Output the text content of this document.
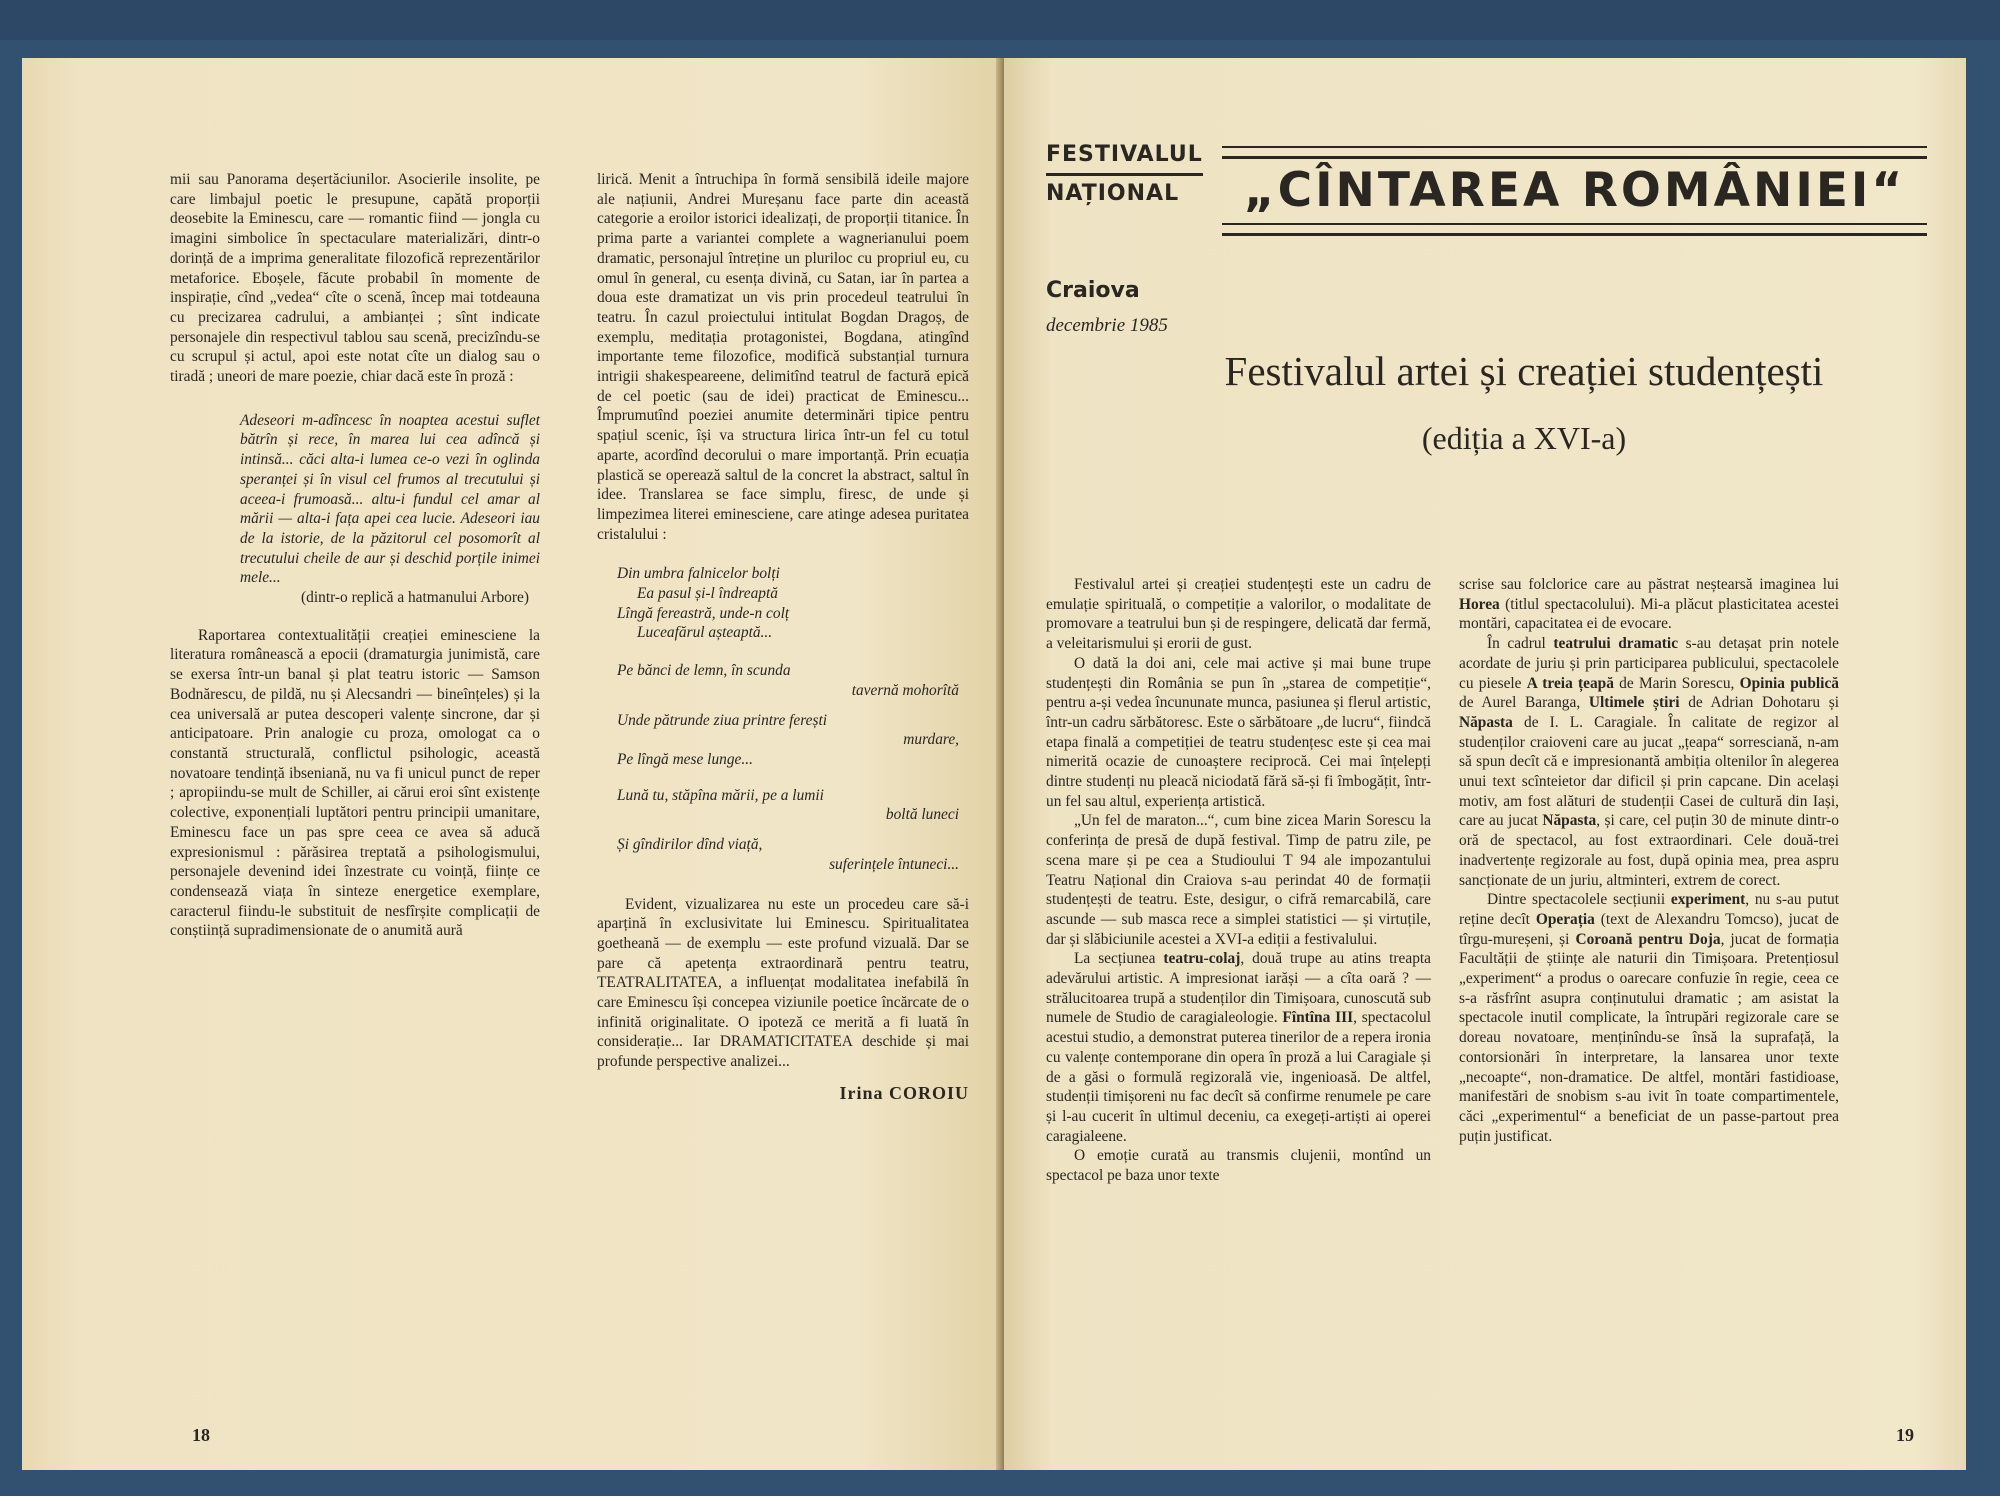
mii sau Panorama deșertăciunilor. Asociеrile insolite, pe care limbajul poetic le presupune, capătă proporții deosebite la Eminescu, care — romantic fiind — jonglа cu imagini simbolice în spectaculare materializări, dintr-o dorință de a imprima generalitate filozofică reprezentărilor metaforice. Eboșele, făcute probabil în momente de inspirație, cînd „vedea“ cîte o scenă, încep mai totdeauna cu precizarea cadrului, a ambianței ; sînt indicate personajele din respectivul tablou sau scenă, precizîndu-se cu scrupul și actul, apoi este notat cîte un dialog sau o tiradă ; uneori de mare poezie, chiar dacă este în proză :

Adeseori m-adîncesc în noaptea acestui suflet bătrîn și rece, în marea lui cea adîncă și intinsă... căci alta-i lumea ce-o vezi în oglinda speranței și în visul cel frumos al trecutului și aceea-i frumoasă... altu-i fundul cel amar al mării — alta-i fața apei cea lucie. Adeseori iau de la istorie, de la păzitorul cel posomorît al trecutului cheile de aur și deschid porțile inimei mele...
(dintr-o replică a hatmanului Arbore)

Raportarea contextualității creației eminesciene la literatura românească a epocii (dramaturgia junimistă, care se exersa într-un banal și plat teatru istoric — Samson Bodnărescu, de pildă, nu și Alecsandri — bineînțeles) și la cea universală ar putea descoperi valențe sincrone, dar și anticipatoare. Prin analogie cu proza, omologat ca o constantă structurală, conflictul psihologic, această novatoare tendință ibseniană, nu va fi unicul punct de reper ; apropiindu-se mult de Schiller, ai cărui eroi sînt existențe colective, exponențiali luptători pentru principii umanitare, Eminescu face un pas spre ceea ce avea să aducă expresionismul : părăsirea treptată a psihologismului, personajele devenind idei înzestrate cu voință, ființe ce condensează viața în sinteze energetice exemplare, caracterul fiindu-le substituit de nesfîrșite complicații de conștiință supradimensionate de o anumită aură

lirică. Menit a întruchipa în formă sensibilă ideile majore ale națiunii, Andrei Mureșanu face parte din această categorie a eroilor istorici idealizați, de proporții titanice. În prima parte a variantei complete a wagnerianului poem dramatic, personajul întreține un pluriloc cu propriul eu, cu omul în general, cu esența divină, cu Satan, iar în partea a doua este dramatizat un vis prin procedeul teatrului în teatru. În cazul proiectului intitulat Bogdan Dragoș, de exemplu, meditația protagonistei, Bogdana, atingînd importante teme filozofice, modifică substanțial turnura intrigii shakespeareene, delimitînd teatrul de factură epică de cel poetic (sau de idei) practicat de Eminescu... Împrumutînd poeziei anumite determinări tipice pentru spațiul scenic, își va structura lirica într-un fel cu totul aparte, acordînd decorului o mare importanță. Prin ecuația plastică se operează saltul de la concret la abstract, saltul în idee. Translarea se face simplu, firesc, de unde și limpezimea literei eminesciene, care atinge adesea puritatea cristalului :

Din umbra falnicelor bolți
Ea pasul și-l îndreaptă
Lîngă fereastră, unde-n colț
Luceafărul așteaptă...
Pe bănci de lemn, în scunda
tavernă mohorîtă
Unde pătrunde ziua printre ferești
murdare,
Pe lîngă mese lunge...
Lună tu, stăpîna mării, pe a lumii
boltă luneci
Și gîndirilor dînd viață,
suferințele întuneci...

Evident, vizualizarea nu este un procedeu care să-i aparțină în exclusivitate lui Eminescu. Spiritualitatea goetheană — de exemplu — este profund vizuală. Dar se pare că apetența extraordinară pentru teatru, TEATRALITATEA, a influențat modalitatea inefabilă în care Eminescu își concepea viziunile poetice încărcate de o infinită originalitate. O ipoteză ce merită a fi luată în considerație... Iar DRAMATICITATEA deschide și mai profunde perspective analizei...

Irina COROIU
18
FESTIVALUL
NAȚIONAL	„CÎNTAREA ROMÂNIEI“
Craiova
decembrie 1985
Festivalul artei și creației studențești
(ediția a XVI-a)

Festivalul artei și creației studențești este un cadru de emulație spirituală, o competiție a valorilor, o modalitate de promovare a teatrului bun și de respingere, delicată dar fermă, a veleitarismului și erorii de gust.

O dată la doi ani, cele mai active și mai bune trupe studențești din România se pun în „starea de competiție“, pentru a-și vedea încununate munca, pasiunea și flerul artistic, într-un cadru sărbătoresc. Este o sărbătoare „de lucru“, fiindcă etapa finală a competiției de teatru studențesc este și cea mai nimerită ocazie de cunoaștere reciprocă. Cei mai înțelepți dintre studenți nu pleacă niciodată fără să-și fi îmbogățit, într-un fel sau altul, experiența artistică.

„Un fel de maraton...“, cum bine zicea Marin Sorescu la conferința de presă de după festival. Timp de patru zile, pe scena mare și pe cea a Studioului T 94 ale impozantului Teatru Național din Craiova s-au perindat 40 de formații studențești de teatru. Este, desigur, o cifră remarcabilă, care ascunde — sub masca rece a simplei statistici — și virtuțile, dar și slăbiciunile acestei a XVI-a ediții a festivalului.

La secțiunea teatru-colaj, două trupe au atins treapta adevărului artistic. A impresionat iarăși — a cîta oară ? — strălucitoarea trupă a studenților din Timișoara, cunoscută sub numele de Studio de caragialeologie. Fîntîna III, spectacolul acestui studio, a demonstrat puterea tinerilor de a repera ironia cu valențe contemporane din opera în proză a lui Caragiale și de a găsi o formulă regizorală vie, ingenioasă. De altfel, studenții timișoreni nu fac decît să confirme renumele pe care și l-au cucerit în ultimul deceniu, ca exegeți-artiști ai operei caragialeene.

O emoție curată au transmis clujenii, montînd un spectacol pe baza unor texte

scrise sau folclorice care au păstrat neștearsă imaginea lui Horea (titlul spectacolului). Mi-a plăcut plasticitatea acestei montări, capacitatea ei de evocare.

În cadrul teatrului dramatic s-au detașat prin notele acordate de juriu și prin participarea publicului, spectacolele cu piesele A treia țeapă de Marin Sorescu, Opinia publică de Aurel Baranga, Ultimele știri de Adrian Dohotaru și Năpasta de I. L. Caragiale. În calitate de regizor al studenților craioveni care au jucat „țeapa“ sorresciană, n-am să spun decît că e impresionantă ambiția oltenilor în alegerea unui text scînteietor dar dificil și prin capcane. Din același motiv, am fost alături de studenții Casei de cultură din Iași, care au jucat Năpasta, și care, cel puțin 30 de minute dintr-o oră de spectacol, au fost extraordinari. Cele două-trei inadvertențe regizorale au fost, după opinia mea, prea aspru sancționate de un juriu, altminteri, extrem de corect.

Dintre spectacolele secțiunii experiment, nu s-au putut reține decît Operația (text de Alexandru Tomcso), jucat de tîrgu-mureșeni, și Coroană pentru Doja, jucat de formația Facultății de științe ale naturii din Timișoara. Pretențiosul „experiment“ a produs o oarecare confuzie în regie, ceea ce s-a răsfrînt asupra conținutului dramatic ; am asistat la spectacole inutil complicate, la întrupări regizorale care se doreau novatoare, menținîndu-se însă la suprafață, la contorsionări în interpretare, la lansarea unor texte „necoapte“, non-dramatice. De altfel, montări fastidioase, manifestări de snobism s-au ivit în toate compartimentele, căci „experimentul“ a beneficiat de un passe-partout prea puțin justificat.

19
